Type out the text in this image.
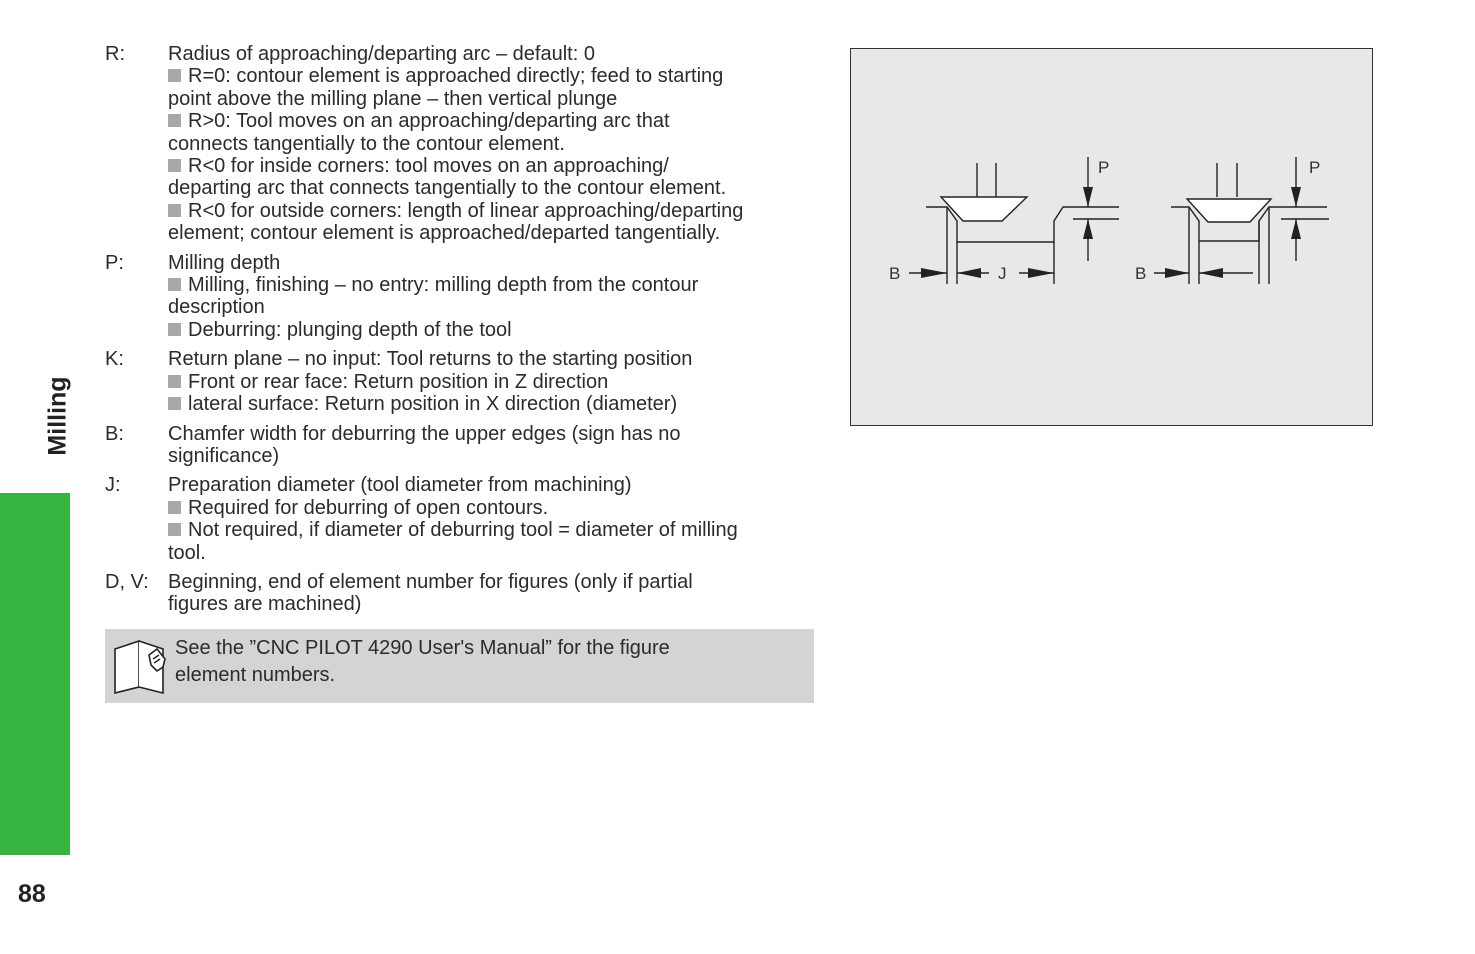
Milling
88
R:	Radius of approaching/departing arc – default: 0
R=0: contour element is approached directly; feed to starting
point above the milling plane – then vertical plunge
R>0: Tool moves on an approaching/departing arc that
connects tangentially to the contour element.
R<0 for inside corners: tool moves on an approaching/
departing arc that connects tangentially to the contour element.
R<0 for outside corners: length of linear approaching/departing
element; contour element is approached/departed tangentially.
P:	Milling depth
Milling, finishing – no entry: milling depth from the contour
description
Deburring: plunging depth of the tool
K:	Return plane – no input: Tool returns to the starting position
Front or rear face: Return position in Z direction
lateral surface: Return position in X direction (diameter)
B:	Chamfer width for deburring the upper edges (sign has no
significance)
J:	Preparation diameter (tool diameter from machining)
Required for deburring of open contours.
Not required, if diameter of deburring tool = diameter of milling
tool.
D, V: Beginning, end of element number for figures (only if partial
figures are machined)
See the ”CNC PILOT 4290 User's Manual” for the figure
element numbers.
P	P
B	J	B
